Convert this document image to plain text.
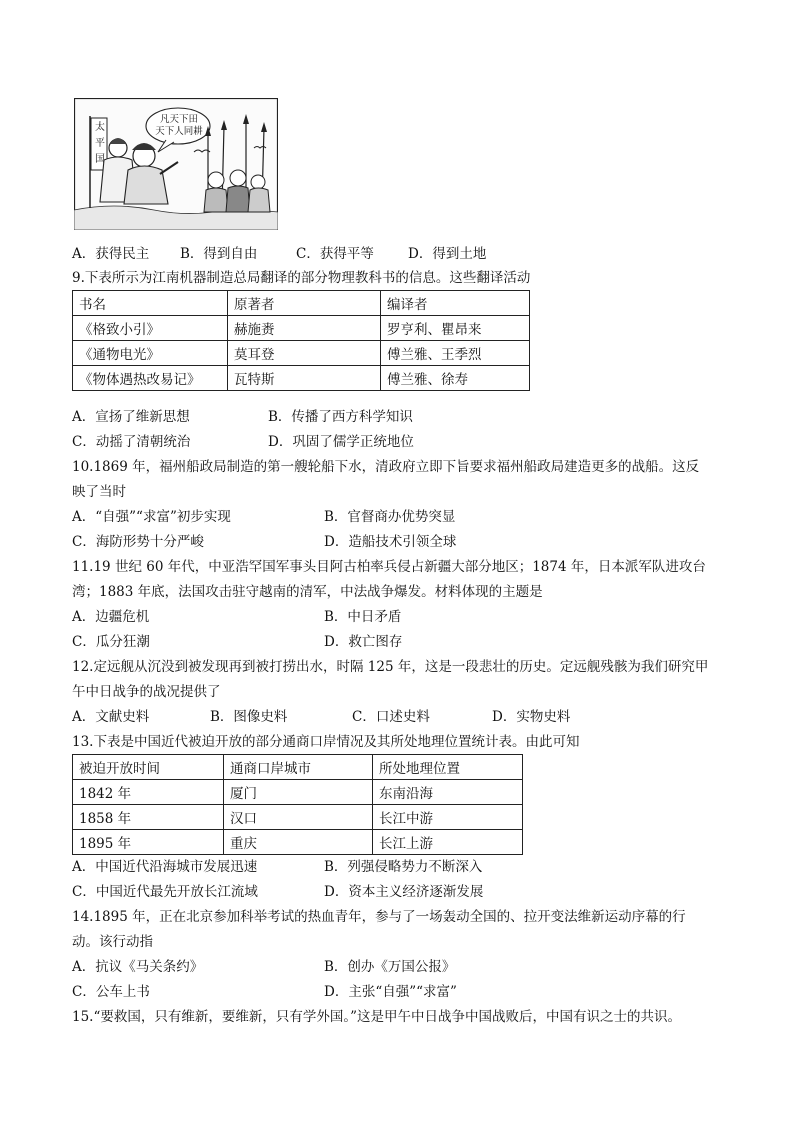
太
平
国
凡天下田
天下人同耕
A．获得民主 B．得到自由	C．获得平等	D．得到土地
9.下表所示为江南机器制造总局翻译的部分物理教科书的信息。这些翻译活动
书名	原著者	编译者
《格致小引》	赫施赉	罗亨利、瞿昂来
《通物电光》	莫耳登	傅兰雅、王季烈
《物体遇热改易记》	瓦特斯	傅兰雅、徐寿
A．宣扬了维新思想	B．传播了西方科学知识
C．动摇了清朝统治	D．巩固了儒学正统地位
10.1869 年，福州船政局制造的第一艘轮船下水，清政府立即下旨要求福州船政局建造更多的战船。这反
映了当时
A．“自强”“求富”初步实现	B．官督商办优势突显
C．海防形势十分严峻	D．造船技术引领全球
11.19 世纪 60 年代，中亚浩罕国军事头目阿古柏率兵侵占新疆大部分地区；1874 年，日本派军队进攻台
湾；1883 年底，法国攻击驻守越南的清军，中法战争爆发。材料体现的主题是
A．边疆危机	B．中日矛盾
C．瓜分狂潮	D．救亡图存
12.定远舰从沉没到被发现再到被打捞出水，时隔 125 年，这是一段悲壮的历史。定远舰残骸为我们研究甲
午中日战争的战况提供了
A．文献史料	B．图像史料	C．口述史料	D．实物史料
13.下表是中国近代被迫开放的部分通商口岸情况及其所处地理位置统计表。由此可知
被迫开放时间	通商口岸城市	所处地理位置
1842 年	厦门	东南沿海
1858 年	汉口	长江中游
1895 年	重庆	长江上游
A．中国近代沿海城市发展迅速	B．列强侵略势力不断深入
C．中国近代最先开放长江流域	D．资本主义经济逐渐发展
14.1895 年，正在北京参加科举考试的热血青年，参与了一场轰动全国的、拉开变法维新运动序幕的行
动。该行动指
A．抗议《马关条约》	B．创办《万国公报》
C．公车上书	D．主张“自强”“求富”
15.“要救国，只有维新，要维新，只有学外国。”这是甲午中日战争中国战败后，中国有识之士的共识。
